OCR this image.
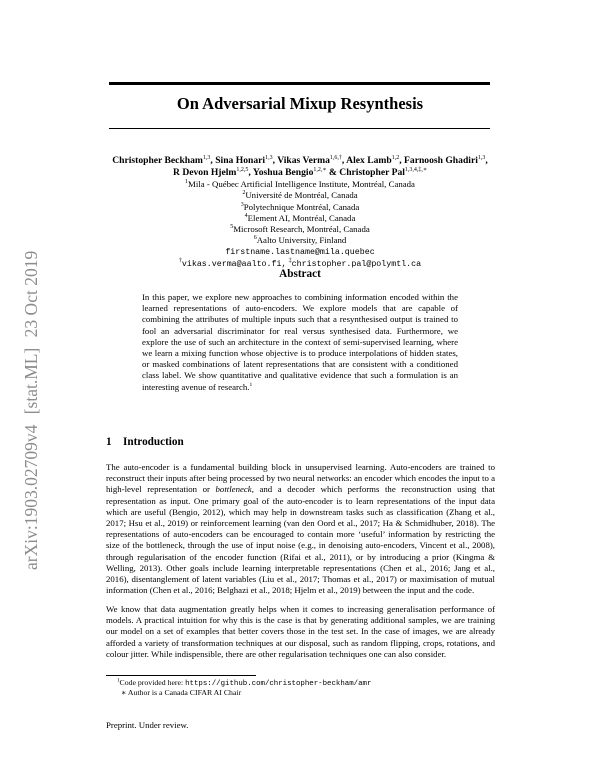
arXiv:1903.02709v4 [stat.ML] 23 Oct 2019
On Adversarial Mixup Resynthesis
Christopher Beckham$^{1,3}$, Sina Honari$^{1,3}$, Vikas Verma$^{1,6,\dagger}$, Alex Lamb$^{1,2}$, Farnoosh Ghadiri$^{1,3}$,
R Devon Hjelm$^{1,2,5}$, Yoshua Bengio$^{1,2,∗}$ & Christopher Pal$^{1,3,4,\ddagger,∗}$
$^1$Mila - Québec Artificial Intelligence Institute, Montréal, Canada
$^2$Université de Montréal, Canada
$^3$Polytechnique Montréal, Canada
$^4$Element AI, Montréal, Canada
$^5$Microsoft Research, Montréal, Canada
$^6$Aalto University, Finland
firstname.lastname@mila.quebec
†vikas.verma@aalto.fi, ‡christopher.pal@polymtl.ca
Abstract
In this paper, we explore new approaches to combining information encoded within the learned representations of auto-encoders. We explore models that are capable of combining the attributes of multiple inputs such that a resynthesised output is trained to fool an adversarial discriminator for real versus synthesised data. Furthermore, we explore the use of such an architecture in the context of semi-supervised learning, where we learn a mixing function whose objective is to produce interpolations of hidden states, or masked combinations of latent representations that are consistent with a conditioned class label. We show quantitative and qualitative evidence that such a formulation is an interesting avenue of research.$^1$
1 Introduction
The auto-encoder is a fundamental building block in unsupervised learning. Auto-encoders are trained to reconstruct their inputs after being processed by two neural networks: an encoder which encodes the input to a high-level representation or bottleneck, and a decoder which performs the reconstruction using that representation as input. One primary goal of the auto-encoder is to learn representations of the input data which are useful (Bengio, 2012), which may help in downstream tasks such as classification (Zhang et al., 2017; Hsu et al., 2019) or reinforcement learning (van den Oord et al., 2017; Ha & Schmidhuber, 2018). The representations of auto-encoders can be encouraged to contain more ‘useful’ information by restricting the size of the bottleneck, through the use of input noise (e.g., in denoising auto-encoders, Vincent et al., 2008), through regularisation of the encoder function (Rifai et al., 2011), or by introducing a prior (Kingma & Welling, 2013). Other goals include learning interpretable representations (Chen et al., 2016; Jang et al., 2016), disentanglement of latent variables (Liu et al., 2017; Thomas et al., 2017) or maximisation of mutual information (Chen et al., 2016; Belghazi et al., 2018; Hjelm et al., 2019) between the input and the code.
We know that data augmentation greatly helps when it comes to increasing generalisation performance of models. A practical intuition for why this is the case is that by generating additional samples, we are training our model on a set of examples that better covers those in the test set. In the case of images, we are already afforded a variety of transformation techniques at our disposal, such as random flipping, crops, rotations, and colour jitter. While indispensible, there are other regularisation techniques one can also consider.
$^1$Code provided here: https://github.com/christopher-beckham/amr
∗ Author is a Canada CIFAR AI Chair
Preprint. Under review.
